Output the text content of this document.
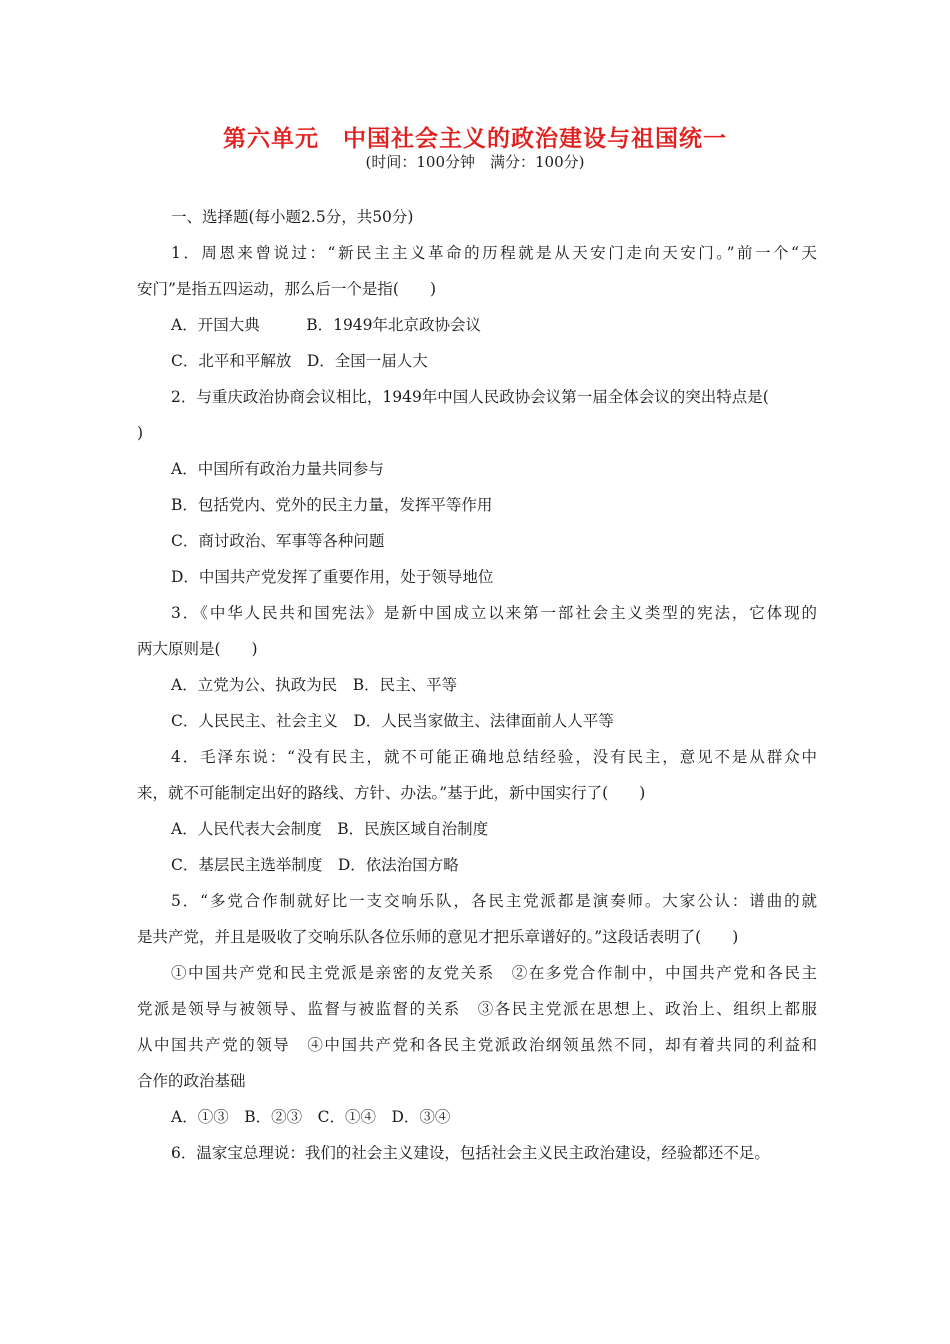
第六单元　中国社会主义的政治建设与祖国统一
(时间：100分钟　满分：100分)
一、选择题(每小题2.5分，共50分)
1．周恩来曾说过：“新民主主义革命的历程就是从天安门走向天安门。”前一个“天
安门”是指五四运动，那么后一个是指(　　)
A．开国大典　　　B．1949年北京政协会议
C．北平和平解放　D．全国一届人大
2．与重庆政治协商会议相比，1949年中国人民政协会议第一届全体会议的突出特点是(
)
A．中国所有政治力量共同参与
B．包括党内、党外的民主力量，发挥平等作用
C．商讨政治、军事等各种问题
D．中国共产党发挥了重要作用，处于领导地位
3．《中华人民共和国宪法》是新中国成立以来第一部社会主义类型的宪法，它体现的
两大原则是(　　)
A．立党为公、执政为民　B．民主、平等
C．人民民主、社会主义　D．人民当家做主、法律面前人人平等
4．毛泽东说：“没有民主，就不可能正确地总结经验，没有民主，意见不是从群众中
来，就不可能制定出好的路线、方针、办法。”基于此，新中国实行了(　　)
A．人民代表大会制度　B．民族区域自治制度
C．基层民主选举制度　D．依法治国方略
5．“多党合作制就好比一支交响乐队，各民主党派都是演奏师。大家公认：谱曲的就
是共产党，并且是吸收了交响乐队各位乐师的意见才把乐章谱好的。”这段话表明了(　　)
①中国共产党和民主党派是亲密的友党关系　②在多党合作制中，中国共产党和各民主
党派是领导与被领导、监督与被监督的关系　③各民主党派在思想上、政治上、组织上都服
从中国共产党的领导　④中国共产党和各民主党派政治纲领虽然不同，却有着共同的利益和
合作的政治基础
A．①③　B．②③　C．①④　D．③④
6．温家宝总理说：我们的社会主义建设，包括社会主义民主政治建设，经验都还不足。
